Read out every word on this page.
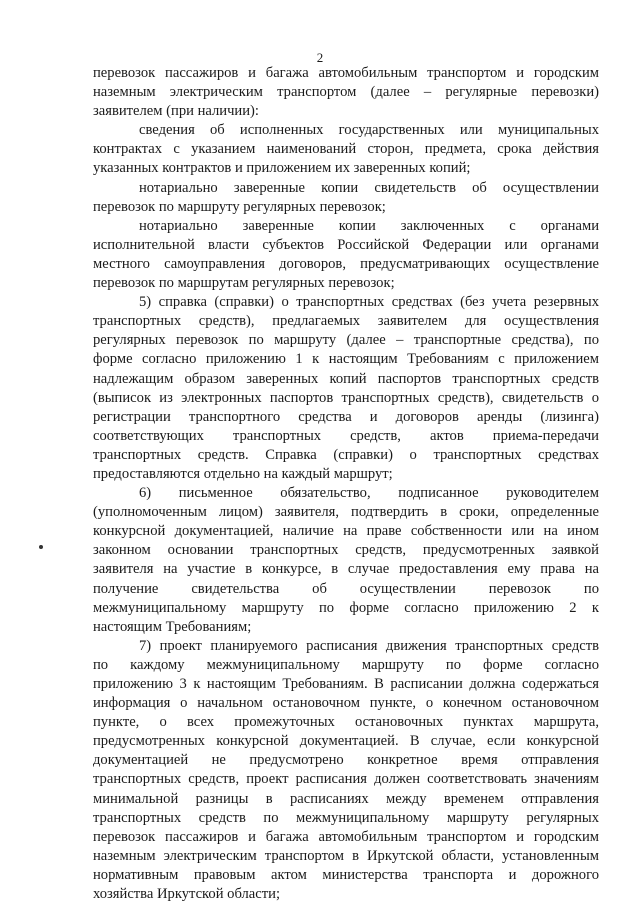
2
перевозок пассажиров и багажа автомобильным транспортом и городским
наземным электрическим транспортом (далее – регулярные перевозки)
заявителем (при наличии):
сведения об исполненных государственных или муниципальных
контрактах с указанием наименований сторон, предмета, срока действия
указанных контрактов и приложением их заверенных копий;
нотариально заверенные копии свидетельств об осуществлении
перевозок по маршруту регулярных перевозок;
нотариально заверенные копии заключенных с органами
исполнительной власти субъектов Российской Федерации или органами
местного самоуправления договоров, предусматривающих осуществление
перевозок по маршрутам регулярных перевозок;
5) справка (справки) о транспортных средствах (без учета резервных
транспортных средств), предлагаемых заявителем для осуществления
регулярных перевозок по маршруту (далее – транспортные средства), по
форме согласно приложению 1 к настоящим Требованиям с приложением
надлежащим образом заверенных копий паспортов транспортных средств
(выписок из электронных паспортов транспортных средств), свидетельств о
регистрации транспортного средства и договоров аренды (лизинга)
соответствующих транспортных средств, актов приема-передачи
транспортных средств. Справка (справки) о транспортных средствах
предоставляются отдельно на каждый маршрут;
6) письменное обязательство, подписанное руководителем
(уполномоченным лицом) заявителя, подтвердить в сроки, определенные
конкурсной документацией, наличие на праве собственности или на ином
законном основании транспортных средств, предусмотренных заявкой
заявителя на участие в конкурсе, в случае предоставления ему права на
получение свидетельства об осуществлении перевозок по
межмуниципальному маршруту по форме согласно приложению 2 к
настоящим Требованиям;
7) проект планируемого расписания движения транспортных средств
по каждому межмуниципальному маршруту по форме согласно
приложению 3 к настоящим Требованиям. В расписании должна содержаться
информация о начальном остановочном пункте, о конечном остановочном
пункте, о всех промежуточных остановочных пунктах маршрута,
предусмотренных конкурсной документацией. В случае, если конкурсной
документацией не предусмотрено конкретное время отправления
транспортных средств, проект расписания должен соответствовать значениям
минимальной разницы в расписаниях между временем отправления
транспортных средств по межмуниципальному маршруту регулярных
перевозок пассажиров и багажа автомобильным транспортом и городским
наземным электрическим транспортом в Иркутской области, установленным
нормативным правовым актом министерства транспорта и дорожного
хозяйства Иркутской области;
